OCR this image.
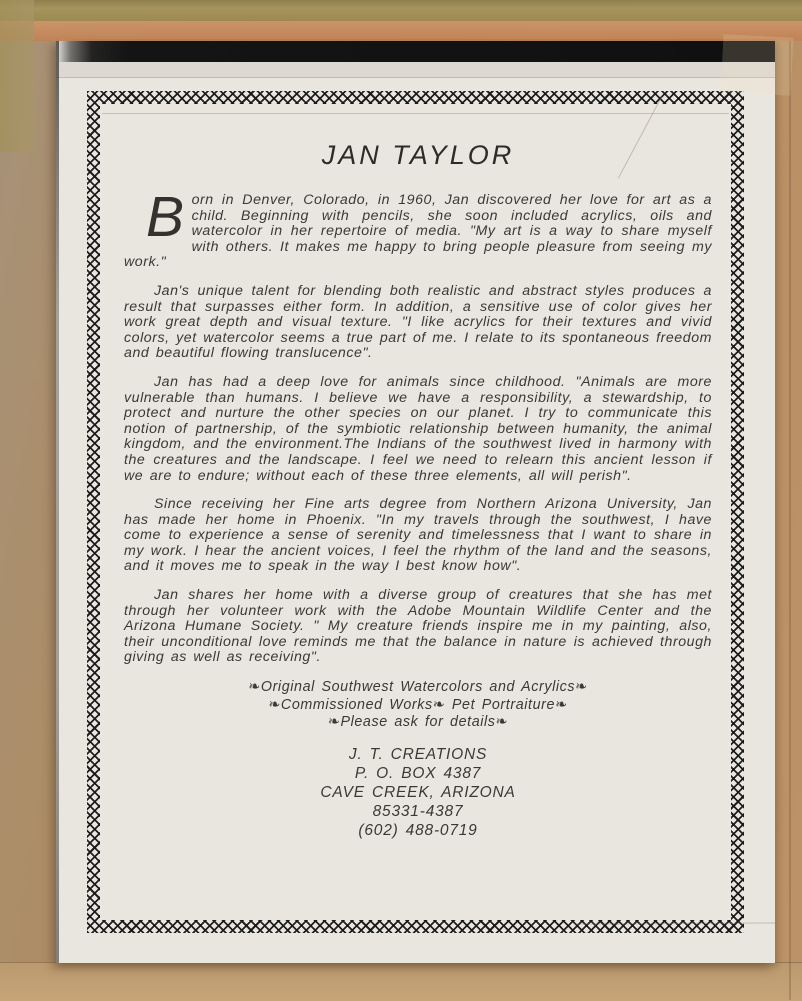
JAN TAYLOR

Born in Denver, Colorado, in 1960, Jan discovered her love for art as a child. Beginning with pencils, she soon included acrylics, oils and watercolor in her repertoire of media. "My art is a way to share myself with others. It makes me happy to bring people pleasure from seeing my work."

Jan's unique talent for blending both realistic and abstract styles produces a result that surpasses either form. In addition, a sensitive use of color gives her work great depth and visual texture. "I like acrylics for their textures and vivid colors, yet watercolor seems a true part of me. I relate to its spontaneous freedom and beautiful flowing translucence".

Jan has had a deep love for animals since childhood. "Animals are more vulnerable than humans. I believe we have a responsibility, a stewardship, to protect and nurture the other species on our planet. I try to communicate this notion of partnership, of the symbiotic relationship between humanity, the animal kingdom, and the environment.The Indians of the southwest lived in harmony with the creatures and the landscape. I feel we need to relearn this ancient lesson if we are to endure; without each of these three elements, all will perish".

Since receiving her Fine arts degree from Northern Arizona University, Jan has made her home in Phoenix. "In my travels through the southwest, I have come to experience a sense of serenity and timelessness that I want to share in my work. I hear the ancient voices, I feel the rhythm of the land and the seasons, and it moves me to speak in the way I best know how".

Jan shares her home with a diverse group of creatures that she has met through her volunteer work with the Adobe Mountain Wildlife Center and the Arizona Humane Society. " My creature friends inspire me in my painting, also, their unconditional love reminds me that the balance in nature is achieved through giving as well as receiving".

❧Original Southwest Watercolors and Acrylics❧
❧Commissioned Works❧ Pet Portraiture❧
❧Please ask for details❧
J. T. CREATIONS
P. O. BOX 4387
CAVE CREEK, ARIZONA
85331-4387
(602) 488-0719
